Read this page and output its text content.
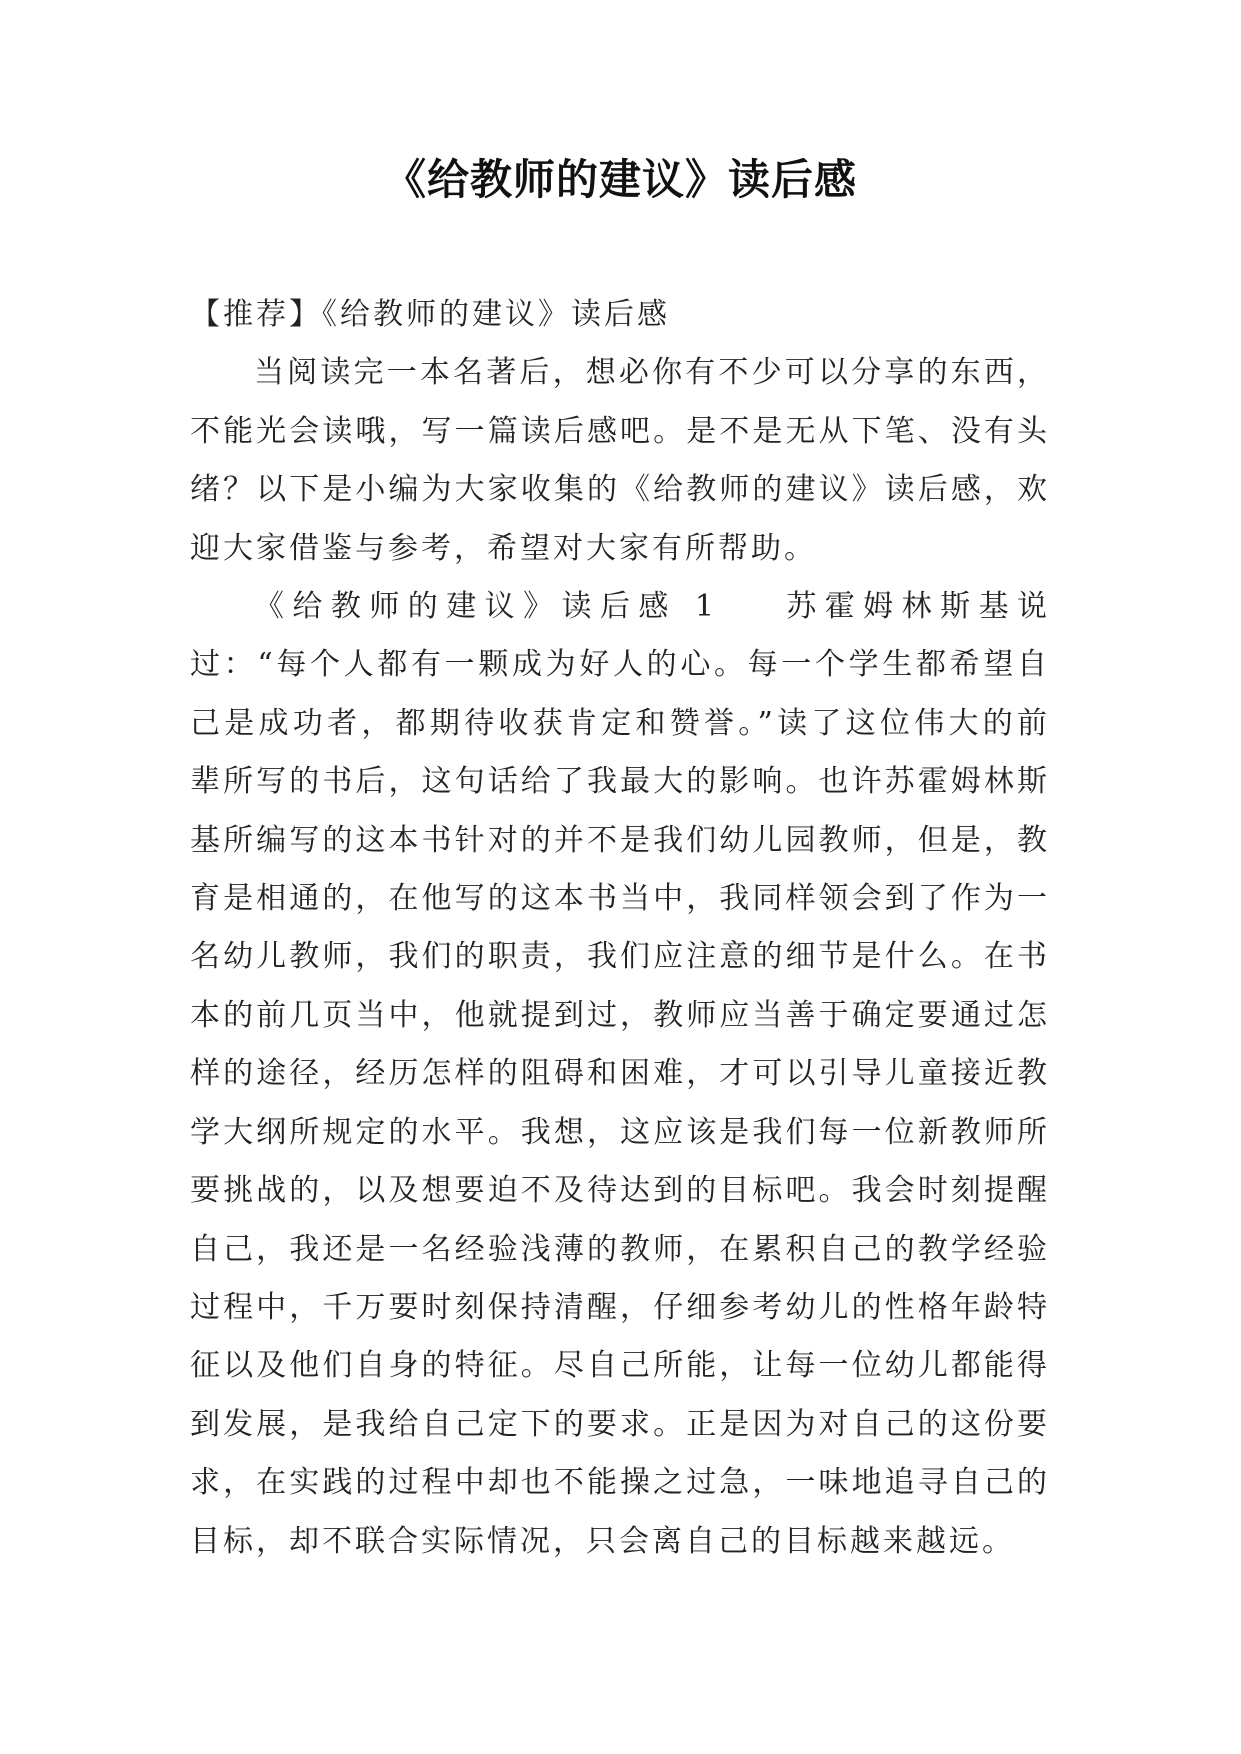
《给教师的建议》读后感

【推荐】《给教师的建议》读后感

当阅读完一本名著后，想必你有不少可以分享的东西，不能光会读哦，写一篇读后感吧。是不是无从下笔、没有头绪？以下是小编为大家收集的《给教师的建议》读后感，欢迎大家借鉴与参考，希望对大家有所帮助。

《给教师的建议》读后感 1 苏霍姆林斯基说过：“每个人都有一颗成为好人的心。每一个学生都希望自己是成功者，都期待收获肯定和赞誉。”读了这位伟大的前辈所写的书后，这句话给了我最大的影响。也许苏霍姆林斯基所编写的这本书针对的并不是我们幼儿园教师，但是，教育是相通的，在他写的这本书当中，我同样领会到了作为一名幼儿教师，我们的职责，我们应注意的细节是什么。在书本的前几页当中，他就提到过，教师应当善于确定要通过怎样的途径，经历怎样的阻碍和困难，才可以引导儿童接近教学大纲所规定的水平。我想，这应该是我们每一位新教师所要挑战的，以及想要迫不及待达到的目标吧。我会时刻提醒自己，我还是一名经验浅薄的教师，在累积自己的教学经验过程中，千万要时刻保持清醒，仔细参考幼儿的性格年龄特征以及他们自身的特征。尽自己所能，让每一位幼儿都能得到发展，是我给自己定下的要求。正是因为对自己的这份要求，在实践的过程中却也不能操之过急，一味地追寻自己的目标，却不联合实际情况，只会离自己的目标越来越远。
